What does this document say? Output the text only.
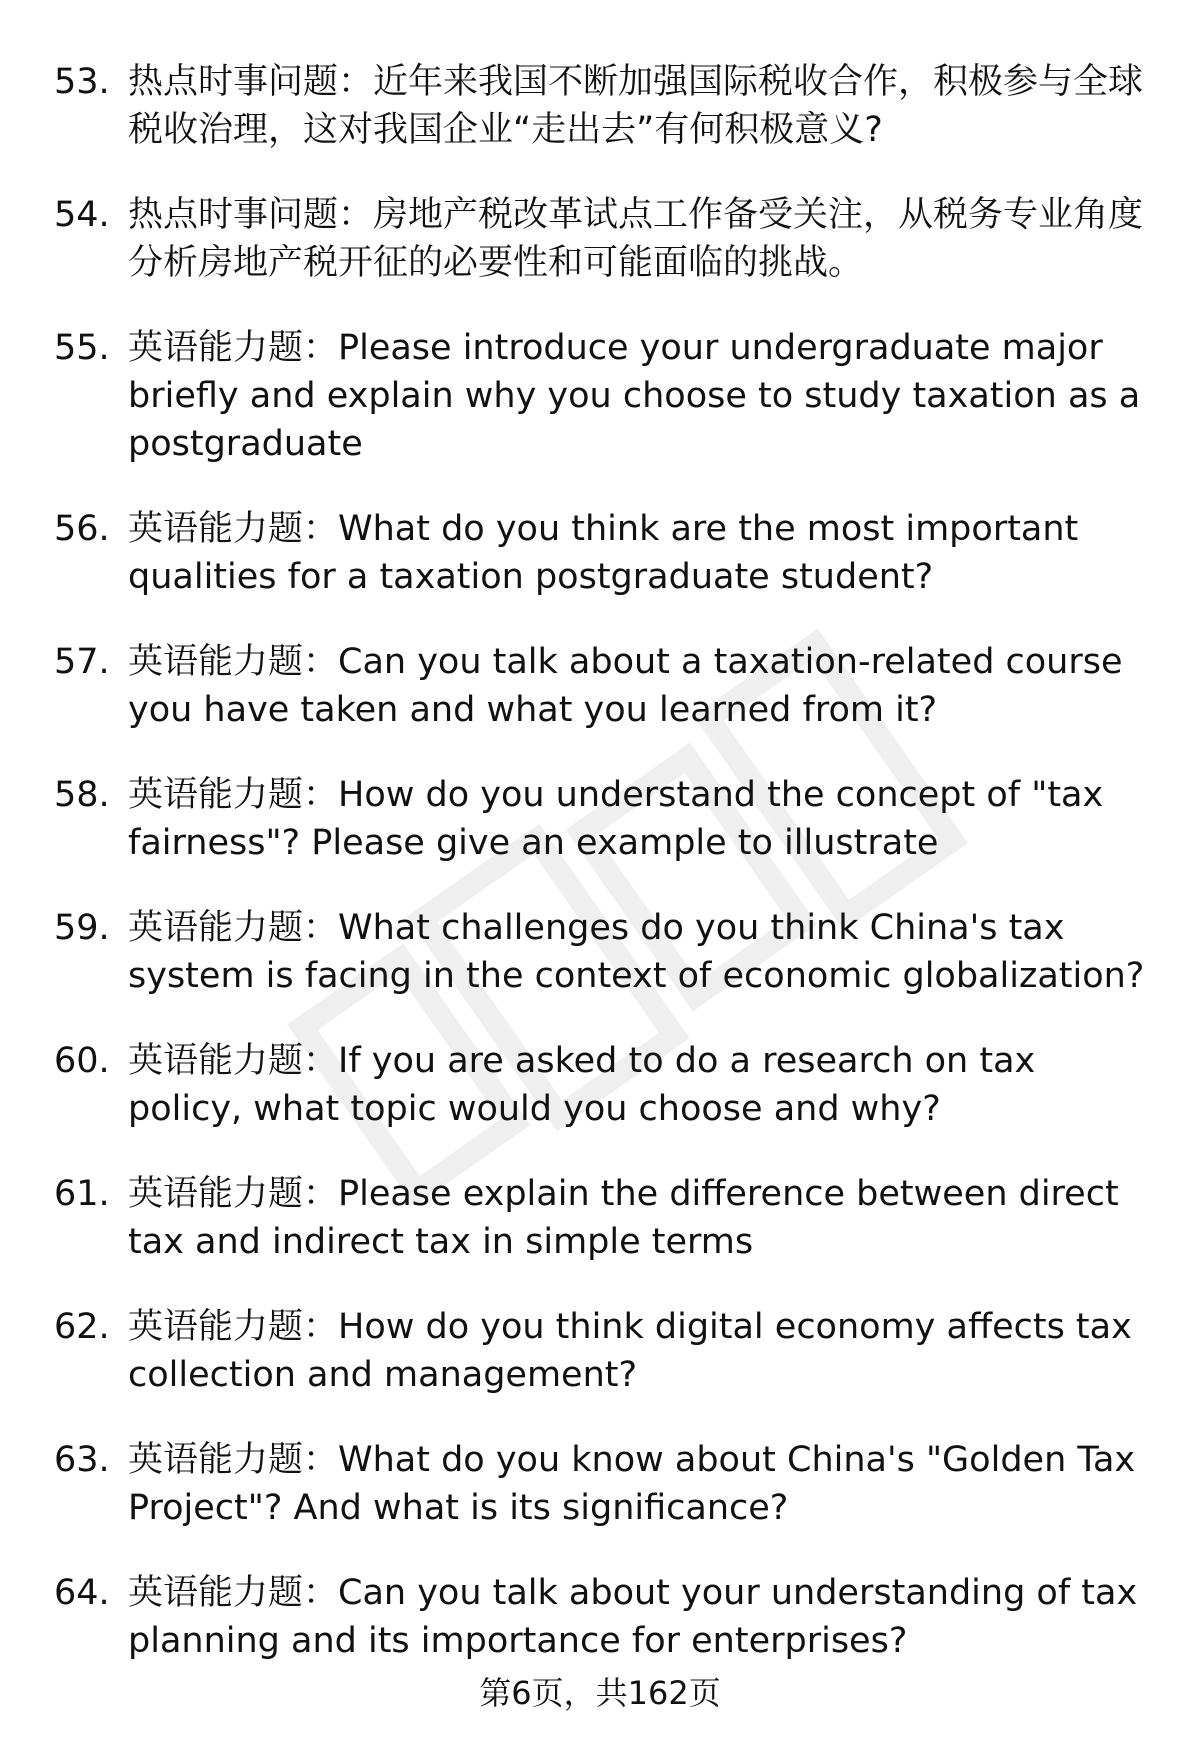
53. 热点时事问题：近年来我国不断加强国际税收合作，积极参与全球税收治理，这对我国企业“走出去”有何积极意义?
54. 热点时事问题：房地产税改革试点工作备受关注，从税务专业角度分析房地产税开征的必要性和可能面临的挑战。
55. 英语能力题：Please introduce your undergraduate major briefly and explain why you choose to study taxation as a postgraduate
56. 英语能力题：What do you think are the most important qualities for a taxation postgraduate student?
57. 英语能力题：Can you talk about a taxation-related course you have taken and what you learned from it?
58. 英语能力题：How do you understand the concept of "tax fairness"? Please give an example to illustrate
59. 英语能力题：What challenges do you think China's tax system is facing in the context of economic globalization?
60. 英语能力题：If you are asked to do a research on tax policy, what topic would you choose and why?
61. 英语能力题：Please explain the difference between direct tax and indirect tax in simple terms
62. 英语能力题：How do you think digital economy affects tax collection and management?
63. 英语能力题：What do you know about China's "Golden Tax Project"? And what is its significance?
64. 英语能力题：Can you talk about your understanding of tax planning and its importance for enterprises?
第6页，共162页
